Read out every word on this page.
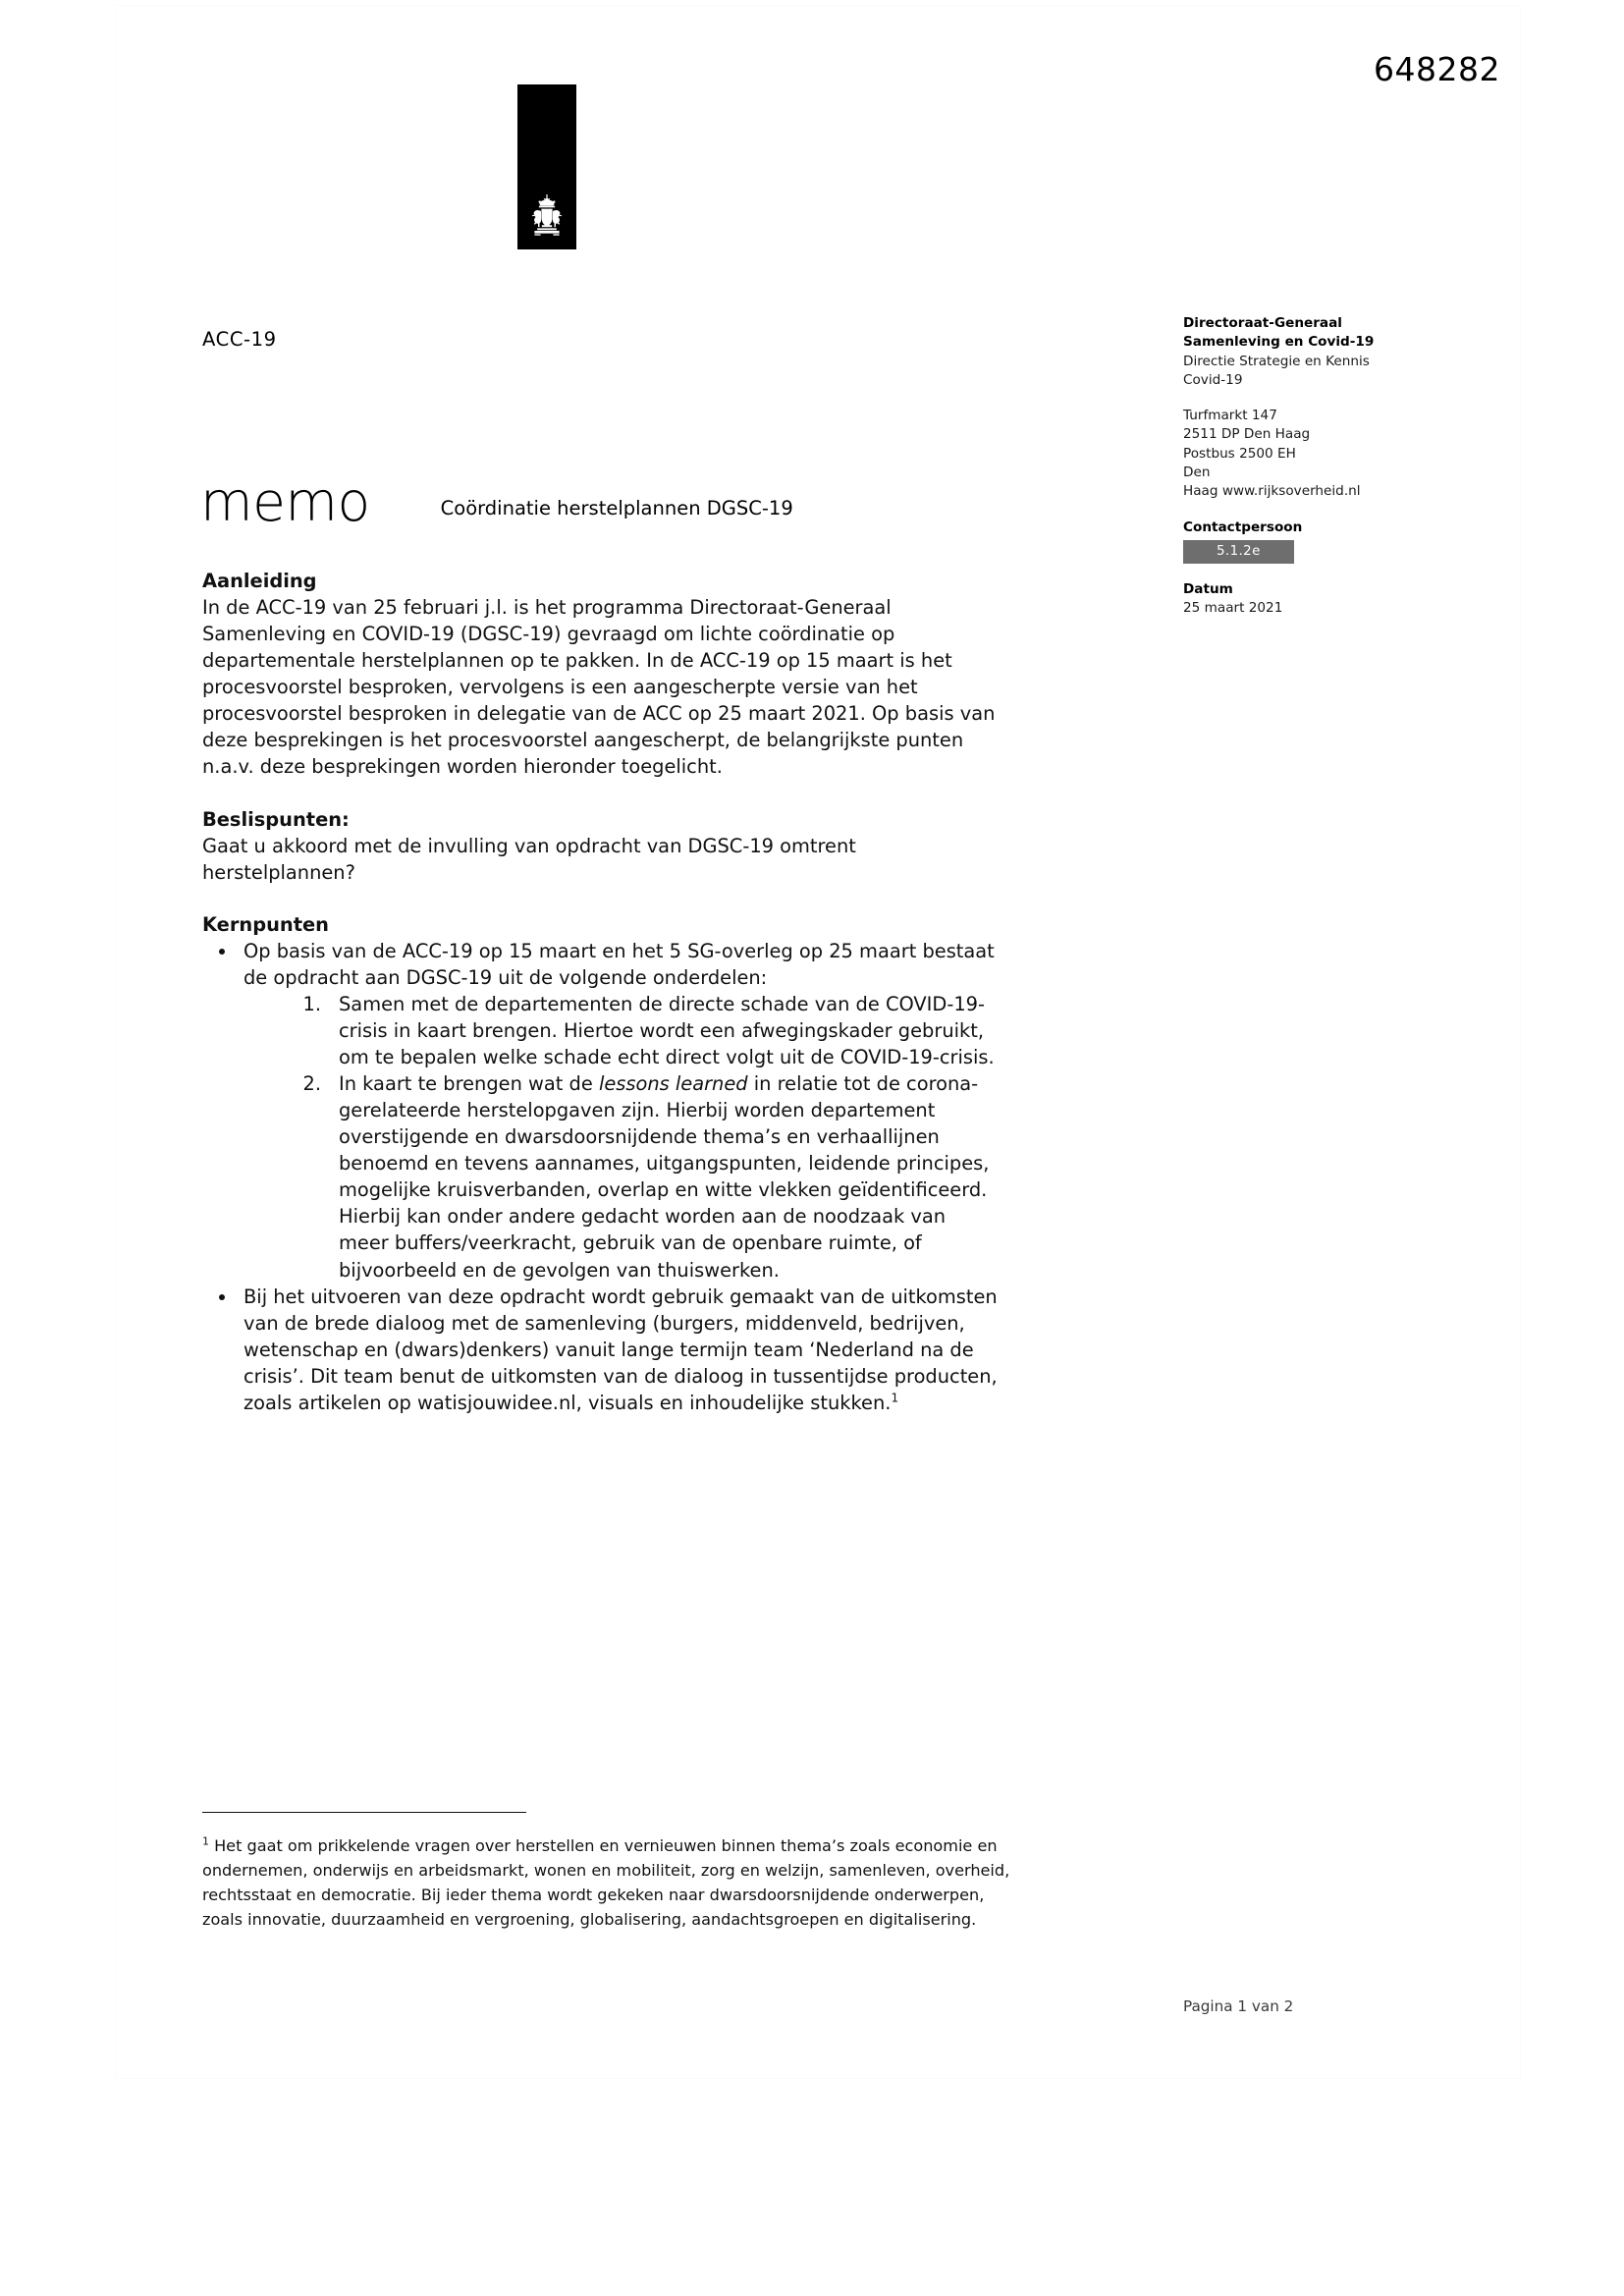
648282
ACC-19
memo	Coördinatie herstelplannen DGSC-19
Directoraat-Generaal
Samenleving en Covid-19
Directie Strategie en Kennis
Covid-19
Turfmarkt 147
2511 DP Den Haag
Postbus 2500 EH
Den
Haag www.rijksoverheid.nl
Contactpersoon
5.1.2e
Datum
25 maart 2021
Aanleiding
In de ACC-19 van 25 februari j.l. is het programma Directoraat-Generaal Samenleving en COVID-19 (DGSC-19) gevraagd om lichte coördinatie op departementale herstelplannen op te pakken. In de ACC-19 op 15 maart is het procesvoorstel besproken, vervolgens is een aangescherpte versie van het procesvoorstel besproken in delegatie van de ACC op 25 maart 2021. Op basis van deze besprekingen is het procesvoorstel aangescherpt, de belangrijkste punten n.a.v. deze besprekingen worden hieronder toegelicht.
Beslispunten:
Gaat u akkoord met de invulling van opdracht van DGSC-19 omtrent herstelplannen?
Kernpunten
Op basis van de ACC-19 op 15 maart en het 5 SG-overleg op 25 maart bestaat de opdracht aan DGSC-19 uit de volgende onderdelen:
1. Samen met de departementen de directe schade van de COVID-19-crisis in kaart brengen. Hiertoe wordt een afwegingskader gebruikt, om te bepalen welke schade echt direct volgt uit de COVID-19-crisis.
2. In kaart te brengen wat de lessons learned in relatie tot de corona-gerelateerde herstelopgaven zijn. Hierbij worden departement overstijgende en dwarsdoorsnijdende thema’s en verhaallijnen benoemd en tevens aannames, uitgangspunten, leidende principes, mogelijke kruisverbanden, overlap en witte vlekken geïdentificeerd. Hierbij kan onder andere gedacht worden aan de noodzaak van meer buffers/veerkracht, gebruik van de openbare ruimte, of bijvoorbeeld en de gevolgen van thuiswerken.
Bij het uitvoeren van deze opdracht wordt gebruik gemaakt van de uitkomsten van de brede dialoog met de samenleving (burgers, middenveld, bedrijven, wetenschap en (dwars)denkers) vanuit lange termijn team ‘Nederland na de crisis’. Dit team benut de uitkomsten van de dialoog in tussentijdse producten, zoals artikelen op watisjouwidee.nl, visuals en inhoudelijke stukken.$^1$
$^1$ Het gaat om prikkelende vragen over herstellen en vernieuwen binnen thema’s zoals economie en ondernemen, onderwijs en arbeidsmarkt, wonen en mobiliteit, zorg en welzijn, samenleven, overheid, rechtsstaat en democratie. Bij ieder thema wordt gekeken naar dwarsdoorsnijdende onderwerpen, zoals innovatie, duurzaamheid en vergroening, globalisering, aandachtsgroepen en digitalisering.
Pagina 1 van 2
